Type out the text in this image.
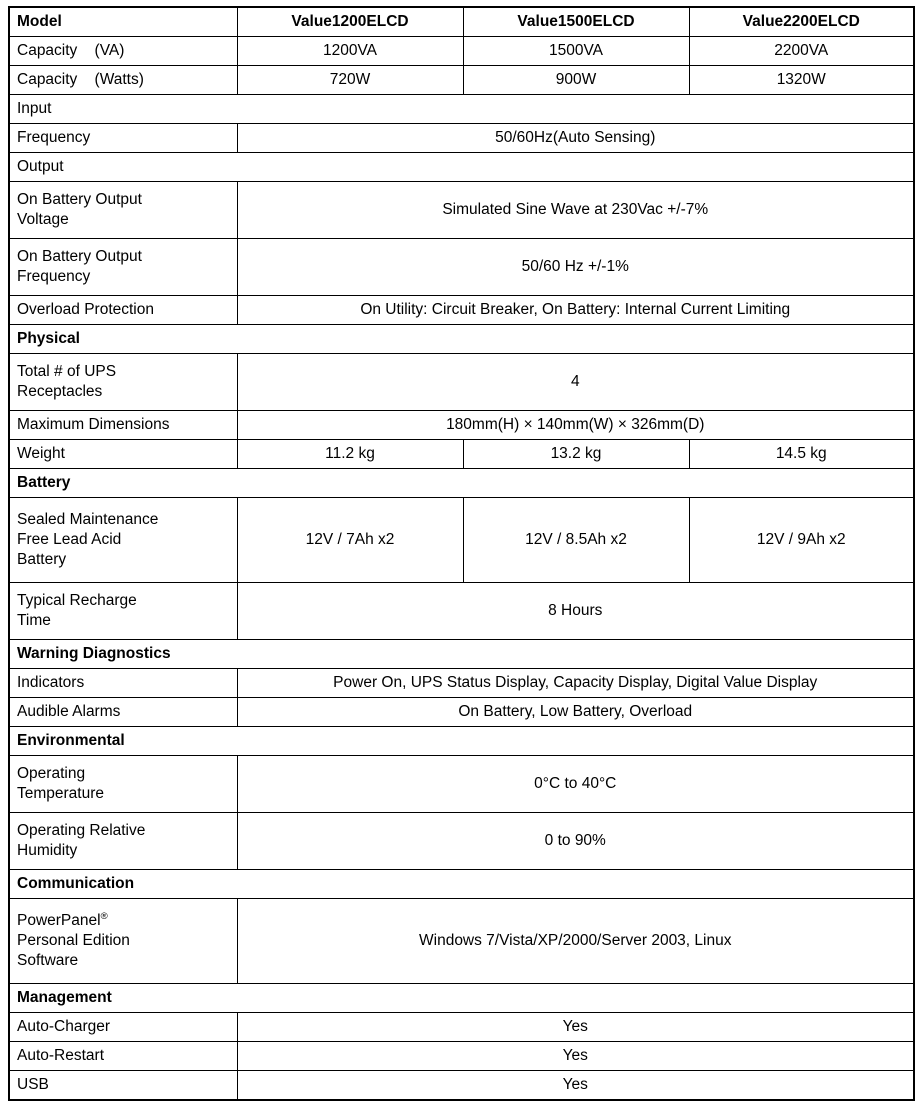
Model	Value1200ELCD	Value1500ELCD	Value2200ELCD
Capacity    (VA)	1200VA	1500VA	2200VA
Capacity    (Watts)	720W	900W	1320W
Input			
Frequency	50/60Hz(Auto Sensing)		
Output			
On Battery Output
Voltage	Simulated Sine Wave at 230Vac +/-7%		
On Battery Output
Frequency	50/60 Hz +/-1%		
Overload Protection	On Utility: Circuit Breaker, On Battery: Internal Current Limiting		
Physical			
Total # of UPS
Receptacles	4		
Maximum Dimensions	180mm(H) × 140mm(W) × 326mm(D)		
Weight	11.2 kg	13.2 kg	14.5 kg
Battery			
Sealed Maintenance
Free Lead Acid
Battery	12V / 7Ah x2	12V / 8.5Ah x2	12V / 9Ah x2
Typical Recharge
Time	8 Hours		
Warning Diagnostics			
Indicators	Power On, UPS Status Display, Capacity Display, Digital Value Display		
Audible Alarms	On Battery, Low Battery, Overload		
Environmental			
Operating
Temperature	0°C to 40°C		
Operating Relative
Humidity	0 to 90%		
Communication			
PowerPanel®
Personal Edition
Software	Windows 7/Vista/XP/2000/Server 2003, Linux		
Management			
Auto-Charger	Yes		
Auto-Restart	Yes		
USB	Yes		
